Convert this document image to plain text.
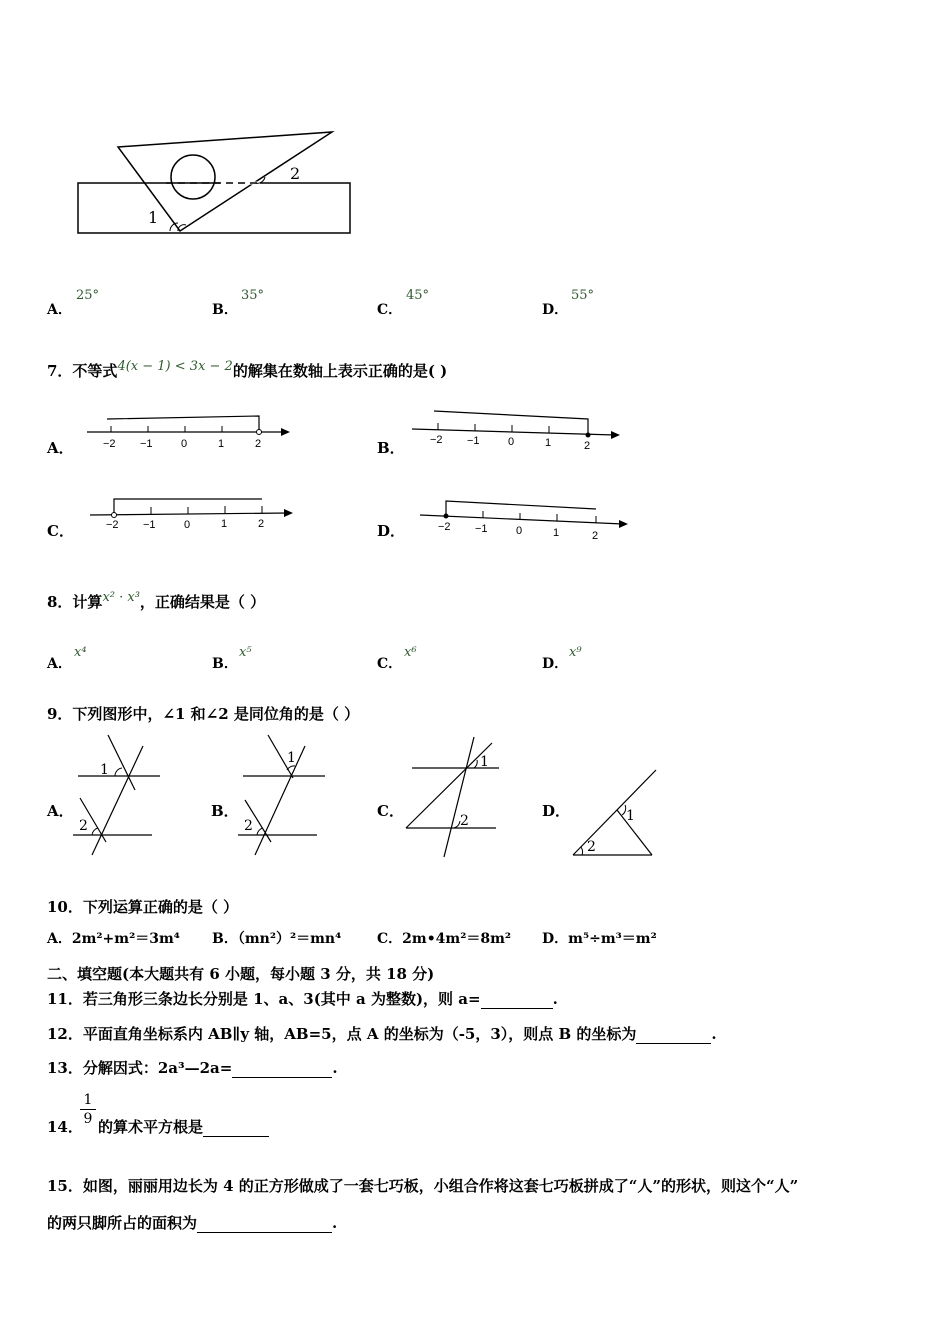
1
2
A．
25°
B．
35°
C．
45°
D．
55°
7．不等式4(x − 1) < 3x − 2的解集在数轴上表示正确的是( )
A．	−2 −1	0	1	2	B． −2 −1	0	1	2
C．	−2 −1	0	1	2	D．	−2 −1	0	1	2
8．计算x² · x³，正确结果是（ ）
A．
x⁴
B．
x⁵
C．
x⁶
D．
x⁹
9．下列图形中，∠1 和∠2 是同位角的是（ ）
A．
1
2
B．
1
2
C．
1
2
D．	1
2
10．下列运算正确的是（ ）
A．2m²+m²＝3m⁴ B．（mn²）²＝mn⁴	C．2m•4m²＝8m² D．m⁵÷m³＝m²
二、填空题(本大题共有 6 小题，每小题 3 分，共 18 分)
11．若三角形三条边长分别是 1、a、3(其中 a 为整数)，则 a=	.
12．平面直角坐标系内 AB∥y 轴，AB=5，点 A 的坐标为（-5，3），则点 B 的坐标为	.
13．分解因式：2a³—2a=	.
14．
1
9 的算术平方根是
15．如图，丽丽用边长为 4 的正方形做成了一套七巧板，小组合作将这套七巧板拼成了“人”的形状，则这个“人”
的两只脚所占的面积为	.
